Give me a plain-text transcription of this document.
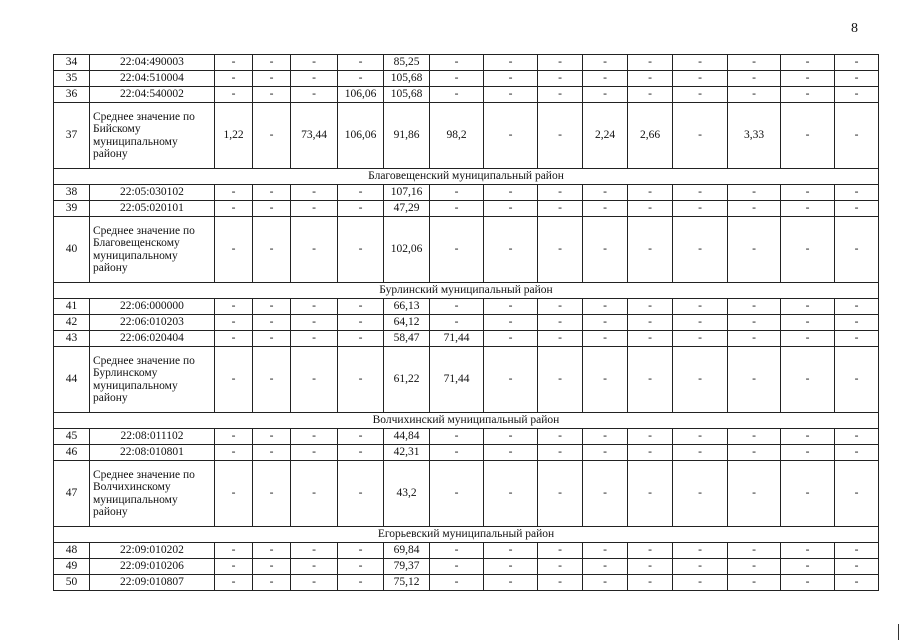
8
34	22:04:490003	-	-	-	-	85,25	-	-	-	-	-	-	-	-	-
35	22:04:510004	-	-	-	-	105,68	-	-	-	-	-	-	-	-	-
36	22:04:540002	-	-	-	106,06	105,68	-	-	-	-	-	-	-	-	-
37	Среднее значение по Бийскому муниципальному району	1,22	-	73,44	106,06	91,86	98,2	-	-	2,24	2,66	-	3,33	-	-
Благовещенский муниципальный район															
38	22:05:030102	-	-	-	-	107,16	-	-	-	-	-	-	-	-	-
39	22:05:020101	-	-	-	-	47,29	-	-	-	-	-	-	-	-	-
40	Среднее значение по Благовещенскому муниципальному району	-	-	-	-	102,06	-	-	-	-	-	-	-	-	-
Бурлинский муниципальный район															
41	22:06:000000	-	-	-	-	66,13	-	-	-	-	-	-	-	-	-
42	22:06:010203	-	-	-	-	64,12	-	-	-	-	-	-	-	-	-
43	22:06:020404	-	-	-	-	58,47	71,44	-	-	-	-	-	-	-	-
44	Среднее значение по Бурлинскому муниципальному району	-	-	-	-	61,22	71,44	-	-	-	-	-	-	-	-
Волчихинский муниципальный район															
45	22:08:011102	-	-	-	-	44,84	-	-	-	-	-	-	-	-	-
46	22:08:010801	-	-	-	-	42,31	-	-	-	-	-	-	-	-	-
47	Среднее значение по Волчихинскому муниципальному району	-	-	-	-	43,2	-	-	-	-	-	-	-	-	-
Егорьевский муниципальный район															
48	22:09:010202	-	-	-	-	69,84	-	-	-	-	-	-	-	-	-
49	22:09:010206	-	-	-	-	79,37	-	-	-	-	-	-	-	-	-
50	22:09:010807	-	-	-	-	75,12	-	-	-	-	-	-	-	-	-
